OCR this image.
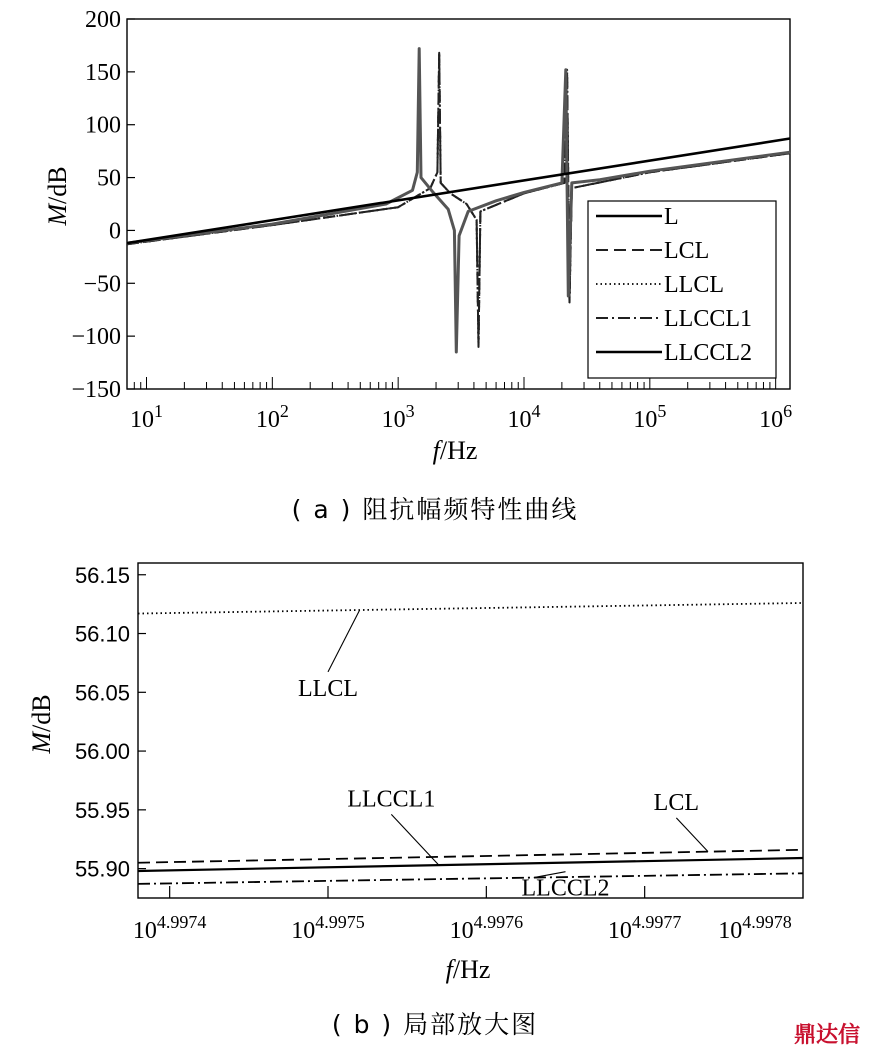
−150
−100
−50
0
50
100
150
200
$10^1$	$10^2$	$10^3$	$10^4$	$10^5$	$10^6$
L
LCL
LLCL
LLCCL1
LLCCL2
M/dB
f/Hz
55.90
55.95
56.00
56.05
56.10
56.15
$10^{4.9974}$	$10^{4.9975}$	$10^{4.9976}$	$10^{4.9977}$ $10^{4.9978}$
LLCL
LLCCL1	LCL
LLCCL2
M/dB
f/Hz
( a ) 阻抗幅频特性曲线
( b ) 局部放大图	鼎达信
